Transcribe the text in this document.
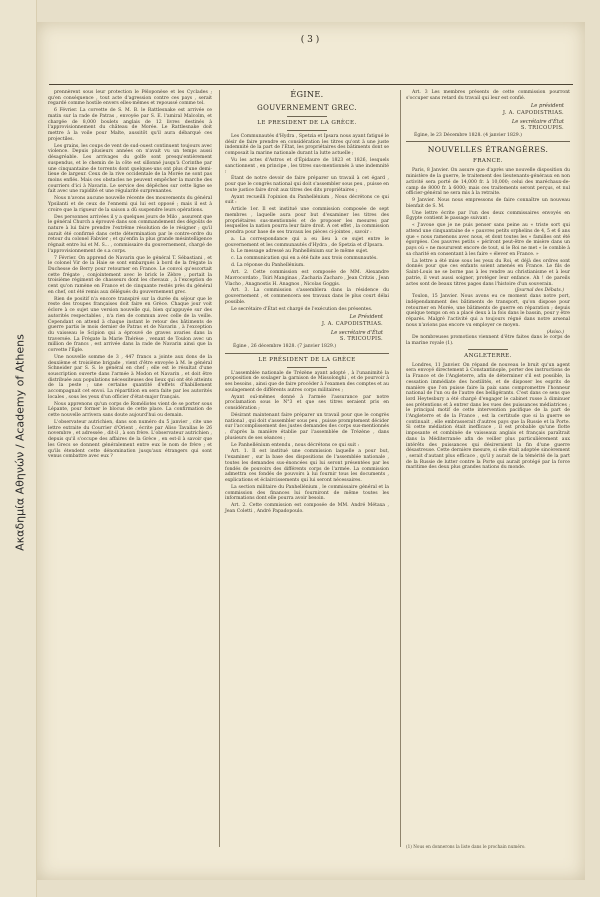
Ακαδημία Αθηνών / Academy of Athens
( 3 )

prennèrent sous leur protection le Péloponèse et les Cyclades ; qu'en conséquence , tout acte d'agression contre ces pays , serait regardé comme hostile envers elles-mêmes et repoussé comme tel.

6 Février. La corvette de S. M. B. le Rattlesnake est arrivée ce matin sur la rade de Patras , envoyée par S. E. l'amiral Malcolm, et chargée de 8,000 boulets anglais de 12 livres destinés à l'approvisionnement du château de Morée. Le Rattlesnake doit mettre à la voile pour Malte, aussitôt qu'il aura débarqué ces projectiles.

Les grains, les coups de vent de sud-ouest continuent toujours avec violence. Depuis plusieurs années on n'avait vu un temps aussi désagréable. Les arrivages du golfe sont presqu'entièrement suspendus, et le chemin de la côte est sillonné jusqu'à Corinthe par une cinquantaine de torrents dont quelques-uns ont plus d'une demi-lieue de largeur. Ceux de la rive occidentale de la Morée ne sont pas moins enflés. Mais ces obstacles ne peuvent empêcher la marche des courriers d'ici à Navarin. Le service des dépêches sur cette ligne se fait avec une rapidité et une régularité surprenantes.

Nous n'avons aucune nouvelle récente des mouvements du général Ypsilanti et de ceux de l'ennemi qui lui est opposé ; mais il est à croire que la rigueur de la saison a dû suspendre leurs opérations.

Des personnes arrivées il y a quelques jours de Milo , assurent que le général Church a éprouvé dans son commandement des dégoûts de nature à lui faire prendre l'extrême résolution de le résigner ; qu'il aurait été confirmé dans cette détermination par le contre-ordre du retour du colonel Fabvier ; et qu'enfin la plus grande mésintelligence régnait entre lui et M. S... , commissaire du gouvernement, chargé de l'approvisionnement de s.a corps.

7 Février. On apprend de Navarin que le général T. Sébastiani , et le colonel Vir de la Haie se sont embarqués à bord de la frégate la Duchesse de Berry pour retourner en France. Le convoi qu'escortait cette frégate , conjointement avec le brick le Zèbre , portait la troisième régiment de chasseurs dont les chevaux , à l'exception de cent qu'on ramène en France et de cinquante restés près du général en chef, ont été remis aux délégués du gouvernement grec.

Rien de positif n'a encore transpiré sur la durée du séjour que le reste des troupes françaises doit faire en Grèce. Chaque jour voit éclore à ce sujet une version nouvelle qui, bien qu'appuyée sur des autorités respectables , n'a rien de commun avec celle de la veille. Cependant on attend à chaque instant le retour des bâtiments de guerre partis le mois dernier de Patras et de Navarin , à l'exception du vaisseau le Scipion qui a éprouvé de graves avaries dans la traversée. La Frégate la Marie Thérèse , venant de Toulon avec un million de francs , est arrivée dans la rade de Navarin ainsi que la corvette l'Égle.

Une nouvelle somme de 3 , 447 francs a jointe aux dons de la deuxième et troisième brigade , vient d'être envoyée à M. le général Schneider par S. S. le général en chef ; elle est le résultat d'une souscription ouverte dans l'armée à Modon et Navarin , et doit être distribuée aux populations nécessiteuses des lieux qui ont été atteints de la peste ; une certaine quantité d'effets d'habillement accompagnait cet envoi. La répartition en sera faite par les autorités locales , sous les yeux d'un officier d'état-major français.

Nous apprenons qu'un corps de Roméliotes vient de se porter sous Lépante, pour former le blocus de cette place. La confirmation de cette nouvelle arrivera sans doute aujourd'hui ou demain.

L'observateur autrichien, dans son numéro du 5 janvier , cite une lettre extraite du Courrier d'Orient , écrite par Aliso Tavallas le 26 novembre , et adressée , dit-il , à son frère. L'observateur autrichien , depuis qu'il s'occupe des affaires de la Grèce , en est-il à savoir que les Grecs se donnent généralement entre eux le nom de frère ; et qu'ils étendent cette dénomination jusqu'aux étrangers qui sont venus combattre avec eux ?

ÉGINE.
GOUVERNEMENT GREC.
LE PRESIDENT DE LA GRÈCE.

Les Communautés d'Hydra , Spetzia et Ipsara nous ayant fatigué le désir de faire prendre en considération les titres qu'ont à une juste indemnité de la part de l'État, les propriétaires des bâtiments dont se composait la marine nationale durant la lutte actuelle ;

Vu les actes d'Astros et d'Épidaure de 1823 et 1826, lesquels sanctionnent , en principe , les titres sus-mentionnés à une indemnité ;

Étant de notre devoir de faire préparer un travail à cet égard , pour que le congrès national qui doit s'assembler sous peu , puisse en toute justice faire droit aux titres des dits propriétaires ;

Ayant recueilli l'opinion du Panhellénium , Nous décrétons ce qui suit :

Article 1er. Il est institué une commission composée de sept membres , laquelle aura pour but d'examiner les titres des propriétaires sus-mentionnés et de proposer les mesures par lesquelles la nation pourra leur faire droit. A cet effet , la commission prendra pour base de ses travaux les pièces ci-jointes , savoir :

a. La correspondance qui a eu lieu à ce sujet entre le gouvernement et les communautés d'Hydra , de Spetzia et d'Ipsara.

b. Le message adressé au Panhellénium sur le même sujet.

c. La communication qui en a été faite aux trois communautés.

d. La réponse du Panhellénium.

Art. 2. Cette commission est composée de MM. Alexandre Mavrocordato , Tsiri Manginas , Zacharia Zacharo , Jean Critzis , Jean Vlacho , Anagnostis H. Anagnos , Nicolas Goggis.

Art. 3. La commission s'assemblera dans la résidence du gouvernement , et commencera ses travaux dans le plus court délai possible.

Le secrétaire d'État est chargé de l'exécution des présentes.

Le Président
J. A. CAPODISTRIAS.
Le secrétaire d'État
S. TRICOUPIS.
Égine , 26 décembre 1828. (7 janvier 1829.)
LE PRÉSIDENT DE LA GRÈCE

L'assemblée nationale de Trézène ayant adopté , à l'unanimité la proposition de soulager la garnison de Missolonghi , et de pourvoir à ses besoins , ainsi que de faire procéder à l'examen des comptes et au soulagement de différents autres corps militaires ;

Ayant ouï-mêmes donné à l'armée l'assurance par notre proclamation sous le N°3 et que ses titres seraient pris en considération ;

Désirant maintenant faire préparer un travail pour que le congrès national , qui doit s'assembler sous peu , puisse promptement décider sur l'accomplissement des justes demandes des corps sus-mentionnés , d'après la manière établie par l'assemblée de Trézène , dans plusieurs de ses séances ;

Le Panhellénium entendu , nous décrétons ce qui suit :

Art. 1. Il est institué une commission laquelle a pour but, l'examiner , sur la base des dispositions de l'assemblée nationale , toutes les demandes sus-énoncées qui lui seront présentées par les fondés de pouvoirs des différents corps de l'armée. La commission admettra ces fondés de pouvoirs à lui fournir tous les documents , explications et éclaircissements qui lui seront nécessaires.

La section militaire du Panhellénium , le commissaire général et la commission des finances lui fourniront de même toutes les informations dont elle pourra avoir besoin.

Art. 2. Cette commission est composée de MM. André Métaxa , Jean Coletti , André Papadopoulo.

Art. 3 Les membres présents de cette commission pourront s'occuper sans retard du travail qui leur est confié.

Le président
J. A. CAPODISTRIAS.
Le secrétaire d'État
S. TRICOUPIS.
Égine, le 23 Décembre 1828. (4 janvier 1829.)
NOUVELLES ÉTRANGÈRES.
FRANCE.

Paris, 8 Janvier. On assure que d'après une nouvelle disposition du ministère de la guerre, le traitement des lieutenants-généraux en non activité sera porté de 14,000 fr. à 10,000; celui des maréchaux-de-camp de 8000 fr. à 6000; mais ces traitements seront perçus, et nul officier-général ne sera mis à la retraite.

9 Janvier. Nous nous empressons de faire connaître un nouveau bienfait de S. M.

Une lettre écrite par l'un des deux commissaires envoyés en Égypte contient le passage suivant :

« J'avoue que je ne puis penser sans peine au « triste sort qui attend une cinquantaine de « pauvres petits orphelins de 4, 5 et 6 ans que « nous ramenons avec nous, et dont toutes les « familles ont été égorgées. Ces pauvres petits « périront peut-être de misère dans un pays où « ne moururent encore de tout, si le Roi ne met « le comble à sa charité en consentant à les faire « élever en France. »

La lettre a été mise sous les yeux du Roi, et déjà des ordres sont donnés pour que ces enfants soient amenés en France. Le fils de Saint-Louis ne se borne pas à les rendre au christianisme et à leur patrie, il veut aussi soigner, protéger leur enfance. Ah ! de pareils actes sont de beaux titres pages dans l'histoire d'un souverain.

(Journal des Débats.)

Toulon, 15 Janvier. Nous avons eu ce moment dans notre port, indépendamment des bâtiments de transport, qu'on dispose pour retourner en Morée, une bâtiments de guerre en réparation ; depuis quelque temps on en a placé deux à la fois dans le bassin, pour y être réparés. Malgré l'activité qui a toujours régné dans notre arsenal nous n'avions pas encore vu employer ce moyen.

(Aviso.)

De nombreuses promotions viennent d'être faites dans le corps de la marine royale (1).

ANGLETERRE.

Londres, 11 Janvier. On répand de nouveau le bruit qu'un agent sera envoyé directement à Constantinople, porter des instructions de la France et de l'Angleterre, afin de déterminer s'il est possible, la cessation immédiate des hostilités, et de disposer les esprits de manière que l'on puisse faire la paix sans compromettre l'honneur national de l'un ou de l'autre des belligérants. C'est dans ce sens que lord Heytesbury a été chargé d'engager le cabinet russe à diminuer ses prétentions et à entrer dans les vues des puissances médiatrices ; le principal motif de cette intervention pacifique de la part de l'Angleterre et de la France , est la certitude que si la guerre se continuait , elle embrasserait d'autres pays que la Russie et la Porte. Si cette médiation était inefficace , il est probable qu'une flotte imposante et combinée de vaisseaux anglais et français paraîtrait dans la Méditerranée afin de veiller plus particulièrement aux intérêts des puissances qui désireraient la fin d'une guerre désastreuse. Cette dernière mesure, si elle était adoptée sincèrement , serait d'autant plus efficace , qu'il y aurait de la témérité de la part de la Russie de lutter contre la Porte qui aurait protégé par la force maritime des deux plus grandes nations du monde.

(1) Nous en donnerons la liste dans le prochain numéro.
